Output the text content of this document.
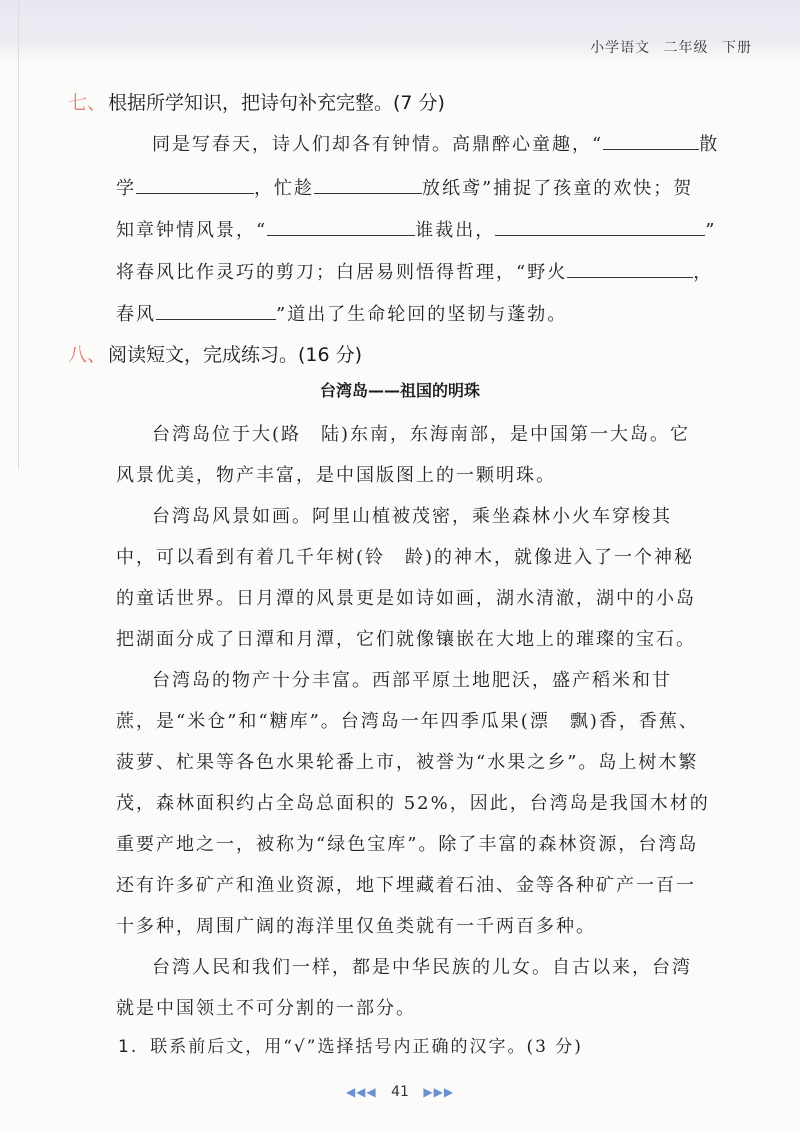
小学语文 二年级 下册
七、 根据所学知识，把诗句补充完整。(7 分)
同是写春天，诗人们却各有钟情。高鼎醉心童趣，“	散
学	，忙趁	放纸鸢”捕捉了孩童的欢快；贺
知章钟情风景，“	谁裁出，	”
将春风比作灵巧的剪刀；白居易则悟得哲理，“野火	，
春风	”道出了生命轮回的坚韧与蓬勃。
八、 阅读短文，完成练习。(16 分)
台湾岛——祖国的明珠
台湾岛位于大(路　陆)东南，东海南部，是中国第一大岛。它
风景优美，物产丰富，是中国版图上的一颗明珠。
台湾岛风景如画。阿里山植被茂密，乘坐森林小火车穿梭其
中，可以看到有着几千年树(铃　龄)的神木，就像进入了一个神秘
的童话世界。日月潭的风景更是如诗如画，湖水清澈，湖中的小岛
把湖面分成了日潭和月潭，它们就像镶嵌在大地上的璀璨的宝石。
台湾岛的物产十分丰富。西部平原土地肥沃，盛产稻米和甘
蔗，是“米仓”和“糖库”。台湾岛一年四季瓜果(漂　飘)香，香蕉、
菠萝、杧果等各色水果轮番上市，被誉为“水果之乡”。岛上树木繁
茂，森林面积约占全岛总面积的 52%，因此，台湾岛是我国木材的
重要产地之一，被称为“绿色宝库”。除了丰富的森林资源，台湾岛
还有许多矿产和渔业资源，地下埋藏着石油、金等各种矿产一百一
十多种，周围广阔的海洋里仅鱼类就有一千两百多种。
台湾人民和我们一样，都是中华民族的儿女。自古以来，台湾
就是中国领土不可分割的一部分。
1. 联系前后文，用“√”选择括号内正确的汉字。(3 分)
◀◀◀ 41 ▶▶▶
